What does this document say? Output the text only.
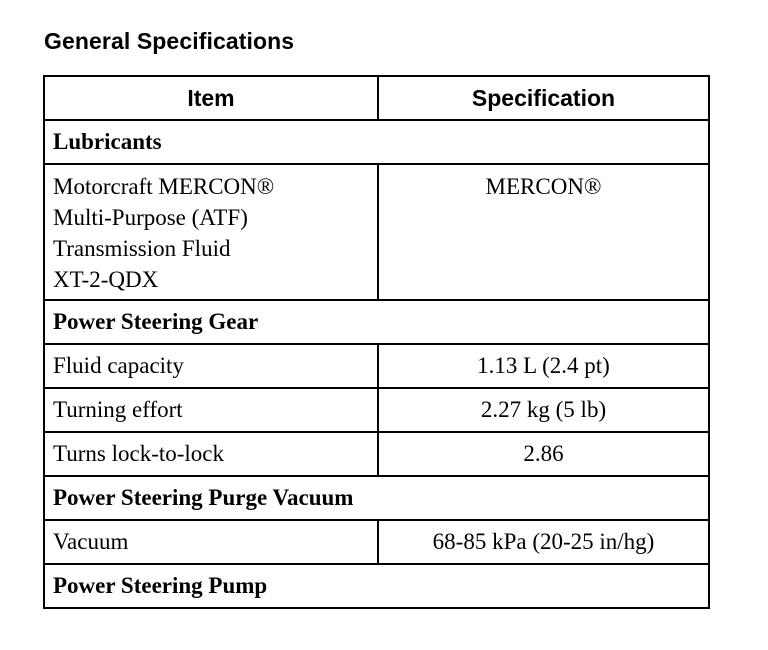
General Specifications
Item	Specification
Lubricants	

Motorcraft MERCON®
Multi-Purpose (ATF)
Transmission Fluid
XT-2-QDX	MERCON®
Power Steering Gear	
Fluid capacity	1.13 L (2.4 pt)
Turning effort	2.27 kg (5 lb)
Turns lock-to-lock	2.86
Power Steering Purge Vacuum	
Vacuum	68-85 kPa (20-25 in/hg)
Power Steering Pump	
